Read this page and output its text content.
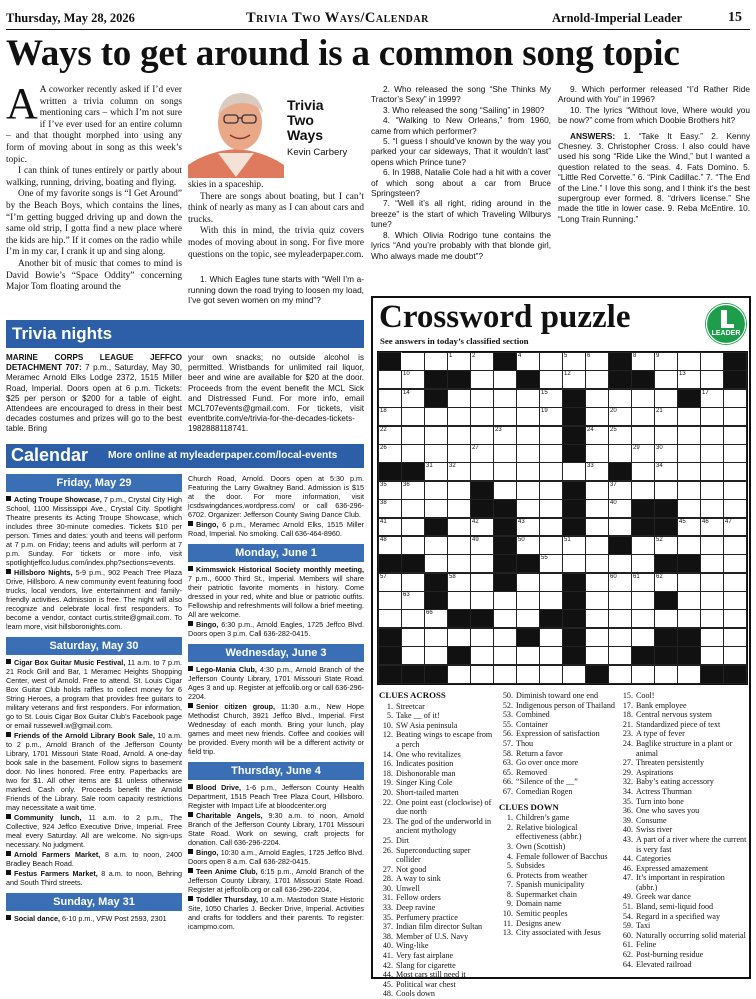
Thursday, May 28, 2026	Trivia Two Ways/Calendar	Arnold-Imperial Leader	15
Ways to get around is a common song topic

A A coworker recently asked if I’d ever written a trivia column on songs mentioning cars – which I’m not sure if I’ve ever used for an entire column – and that thought morphed into using any form of moving about in song as this week’s topic.

I can think of tunes entirely or partly about walking, running, driving, boating and flying.

One of my favorite songs is “I Get Around” by the Beach Boys, which contains the lines, “I’m getting bugged driving up and down the same old strip, I gotta find a new place where the kids are hip.” If it comes on the radio while I’m in my car, I crank it up and sing along.

Another bit of music that comes to mind is David Bowie’s “Space Oddity” concerning Major Tom floating around the

Trivia
Two
Ways
Kevin Carbery

skies in a spaceship.

There are songs about boating, but I can’t think of nearly as many as I can about cars and trucks.

With this in mind, the trivia quiz covers modes of moving about in song. For five more questions on the topic, see myleaderpaper.com.

1. Which Eagles tune starts with “Well I’m a-running down the road trying to loosen my load, I’ve got seven women on my mind”?

2. Who released the song “She Thinks My Tractor’s Sexy” in 1999?

3. Who released the song “Sailing” in 1980?

4. “Walking to New Orleans,” from 1960, came from which performer?

5. “I guess I should’ve known by the way you parked your car sideways, That it wouldn’t last” opens which Prince tune?

6. In 1988, Natalie Cole had a hit with a cover of which song about a car from Bruce Springsteen?

7. “Well it’s all right, riding around in the breeze” is the start of which Traveling Wilburys tune?

8. Which Olivia Rodrigo tune contains the lyrics “And you’re probably with that blonde girl, Who always made me doubt”?

9. Which performer released “I’d Rather Ride Around with You” in 1996?

10. The lyrics “Without love, Where would you be now?” come from which Doobie Brothers hit?

ANSWERS: 1. “Take It Easy.” 2. Kenny Chesney. 3. Christopher Cross. I also could have used his song “Ride Like the Wind,” but I wanted a question related to the seas. 4. Fats Domino. 5. “Little Red Corvette.” 6. “Pink Cadillac.” 7. “The End of the Line.” I love this song, and I think it’s the best supergroup ever formed. 8. “drivers license.” She made the title in lower case. 9. Reba McEntire. 10. “Long Train Running.”

Trivia nights
MARINE CORPS LEAGUE JEFFCO DETACHMENT 707: 7 p.m., Saturday, May 30, Meramec Arnold Elks Lodge 2372, 1515 Miller Road, Imperial. Doors open at 6 p.m. Tickets: $25 per person or $200 for a table of eight. Attendees are encouraged to dress in their best decades costumes and prizes will go to the best table. Bring
your own snacks; no outside alcohol is permitted. Wristbands for unlimited rail liquor, beer and wine are available for $20 at the door. Proceeds from the event benefit the MCL Sick and Distressed Fund. For more info, email MCL707events@gmail.com. For tickets, visit eventbrite.com/e/trivia-for-the-decades-tickets-1982888118741.
Calendar More online at myleaderpaper.com/local-events
Friday, May 29

Acting Troupe Showcase, 7 p.m., Crystal City High School, 1100 Mississippi Ave., Crystal City. Spotlight Theatre presents its Acting Troupe Showcase, which includes three 30-minute comedies. Tickets $10 per person. Times and dates: youth and teens will perform at 7 p.m. on Friday; teens and adults will perform at 7 p.m. Sunday. For tickets or more info, visit spotlightjeffco.ludus.com/index.php?sections=events.

Hillsboro Nights, 5-9 p.m., 902 Peach Tree Plaza Drive, Hillsboro. A new community event featuring food trucks, local vendors, live entertainment and family-friendly activities. Admission is free. The night will also recognize and celebrate local first responders. To become a vendor, contact curtis.strite@gmail.com. To learn more, visit hillsboronights.com.

Saturday, May 30

Cigar Box Guitar Music Festival, 11 a.m. to 7 p.m. 21 Rock Grill and Bar, 1 Meramec Heights Shopping Center, west of Arnold. Free to attend. St. Louis Cigar Box Guitar Club holds raffles to collect money for 6 String Heroes, a program that provides free guitars to military veterans and first responders. For information, go to St. Louis Cigar Box Guitar Club’s Facebook page or email russewell.w@gmail.com.

Friends of the Arnold Library Book Sale, 10 a.m. to 2 p.m., Arnold Branch of the Jefferson County Library, 1701 Missouri State Road, Arnold. A one-day book sale in the basement. Follow signs to basement door. No lines honored. Free entry. Paperbacks are two for $1. All other items are $1 unless otherwise marked. Cash only. Proceeds benefit the Arnold Friends of the Library. Sale room capacity restrictions may necessitate a wait time.

Community lunch, 11 a.m. to 2 p.m., The Collective, 924 Jeffco Executive Drive, Imperial. Free meal every Saturday. All are welcome. No sign-ups necessary. No judgment.

Arnold Farmers Market, 8 a.m. to noon, 2400 Bradley Beach Road.

Festus Farmers Market, 8 a.m. to noon, Behring and South Third streets.

Sunday, May 31

Social dance, 6-10 p.m., VFW Post 2593, 2301

Church Road, Arnold. Doors open at 5:30 p.m. Featuring the Larry Gwaltney Band. Admission is $15 at the door. For more information, visit jcsdswingdances.wordpress.com/ or call 636-296-6702. Organizer: Jefferson County Swing Dance Club.

Bingo, 6 p.m., Meramec Arnold Elks, 1515 Miller Road, Imperial. No smoking. Call 636-464-8960.

Monday, June 1

Kimmswick Historical Society monthly meeting, 7 p.m., 6000 Third St., Imperial. Members will share their patriotic favorite moments in history. Come dressed in your red, white and blue or patriotic outfits. Fellowship and refreshments will follow a brief meeting. All are welcome.

Bingo, 6:30 p.m., Arnold Eagles, 1725 Jeffco Blvd. Doors open 3 p.m. Call 636-282-0415.

Wednesday, June 3

Lego-Mania Club, 4:30 p.m., Arnold Branch of the Jefferson County Library, 1701 Missouri State Road. Ages 3 and up. Register at jeffcolib.org or call 636-296-2204.

Senior citizen group, 11:30 a.m., New Hope Methodist Church, 3921 Jeffco Blvd., Imperial. First Wednesday of each month. Bring your lunch, play games and meet new friends. Coffee and cookies will be provided. Every month will be a different activity or field trip.

Thursday, June 4

Blood Drive, 1-6 p.m., Jefferson County Health Department, 1515 Peach Tree Plaza Court, Hillsboro. Register with Impact Life at bloodcenter.org

Charitable Angels, 9:30 a.m. to noon, Arnold Branch of the Jefferson County Library, 1701 Missouri State Road. Work on sewing, craft projects for donation. Call 636-296-2204.

Bingo, 10:30 a.m., Arnold Eagles, 1725 Jeffco Blvd. Doors open 8 a.m. Call 636-282-0415.

Teen Anime Club, 6:15 p.m., Arnold Branch of the Jefferson County Library, 1701 Missouri State Road. Register at jeffcolib.org or call 636-296-2204.

Toddler Thursday, 10 a.m. Mastodon State Historic Site, 1050 Charles J. Becker Drive, Imperial. Activities and crafts for toddlers and their parents. To register: icampmo.com.

Crossword puzzle
See answers in today’s classified section
LEADER
1	2	4	5	6	8	9
10	12	13
14	15	17
18	19	20	21
22	23	24	25
26	27	29	30
31	32	33	34
35	36	37
38	40
41	42	43	45	46	47
48	49	50	51	52
55
57	58	60	61	62
63
66
CLUES ACROSS
1. Streetcar
5. Take __ of it!
10. SW Asia peninsula
12. Beating wings to escape from a perch
14. One who revitalizes
16. Indicates position
18. Dishonorable man
19. Singer King Cole
20. Short-tailed marten
22. One point east (clockwise) of due north
23. The god of the underworld in ancient mythology
25. Dirt
26. Superconducting super collider
27. Not good
28. A way to sink
30. Unwell
31. Fellow orders
33. Deep ravine
35. Perfumery practice
37. Indian film director Sultan
38. Member of U.S. Navy
40. Wing-like
41. Very fast airplane
42. Slang for cigarette
44. Most cars still need it
45. Political war chest
48. Cools down
50. Diminish toward one end
52. Indigenous person of Thailand
53. Combined
55. Container
56. Expression of satisfaction
57. Thou
58. Return a favor
63. Go over once more
65. Removed
66. “Silence of the __”
67. Comedian Rogen
CLUES DOWN
1. Children’s game
2. Relative biological effectiveness (abbr.)
3. Own (Scottish)
4. Female follower of Bacchus
5. Subsides
6. Protects from weather
7. Spanish municipality
8. Supermarket chain
9. Domain name
10. Semitic peoples
11. Designs anew
13. City associated with Jesus
15. Cool!
17. Bank employee
18. Central nervous system
21. Standardized piece of text
23. A type of fever
24. Baglike structure in a plant or animal
27. Threaten persistently
29. Aspirations
32. Baby’s eating accessory
34. Actress Thurman
35. Turn into bone
36. One who saves you
39. Consume
40. Swiss river
43. A part of a river where the current is very fast
44. Categories
46. Expressed amazement
47. It’s important in respiration (abbr.)
49. Greek war dance
51. Bland, semi-liquid food
54. Regard in a specified way
59. Taxi
60. Naturally occurring solid material
61. Feline
62. Post-burning residue
64. Elevated railroad
